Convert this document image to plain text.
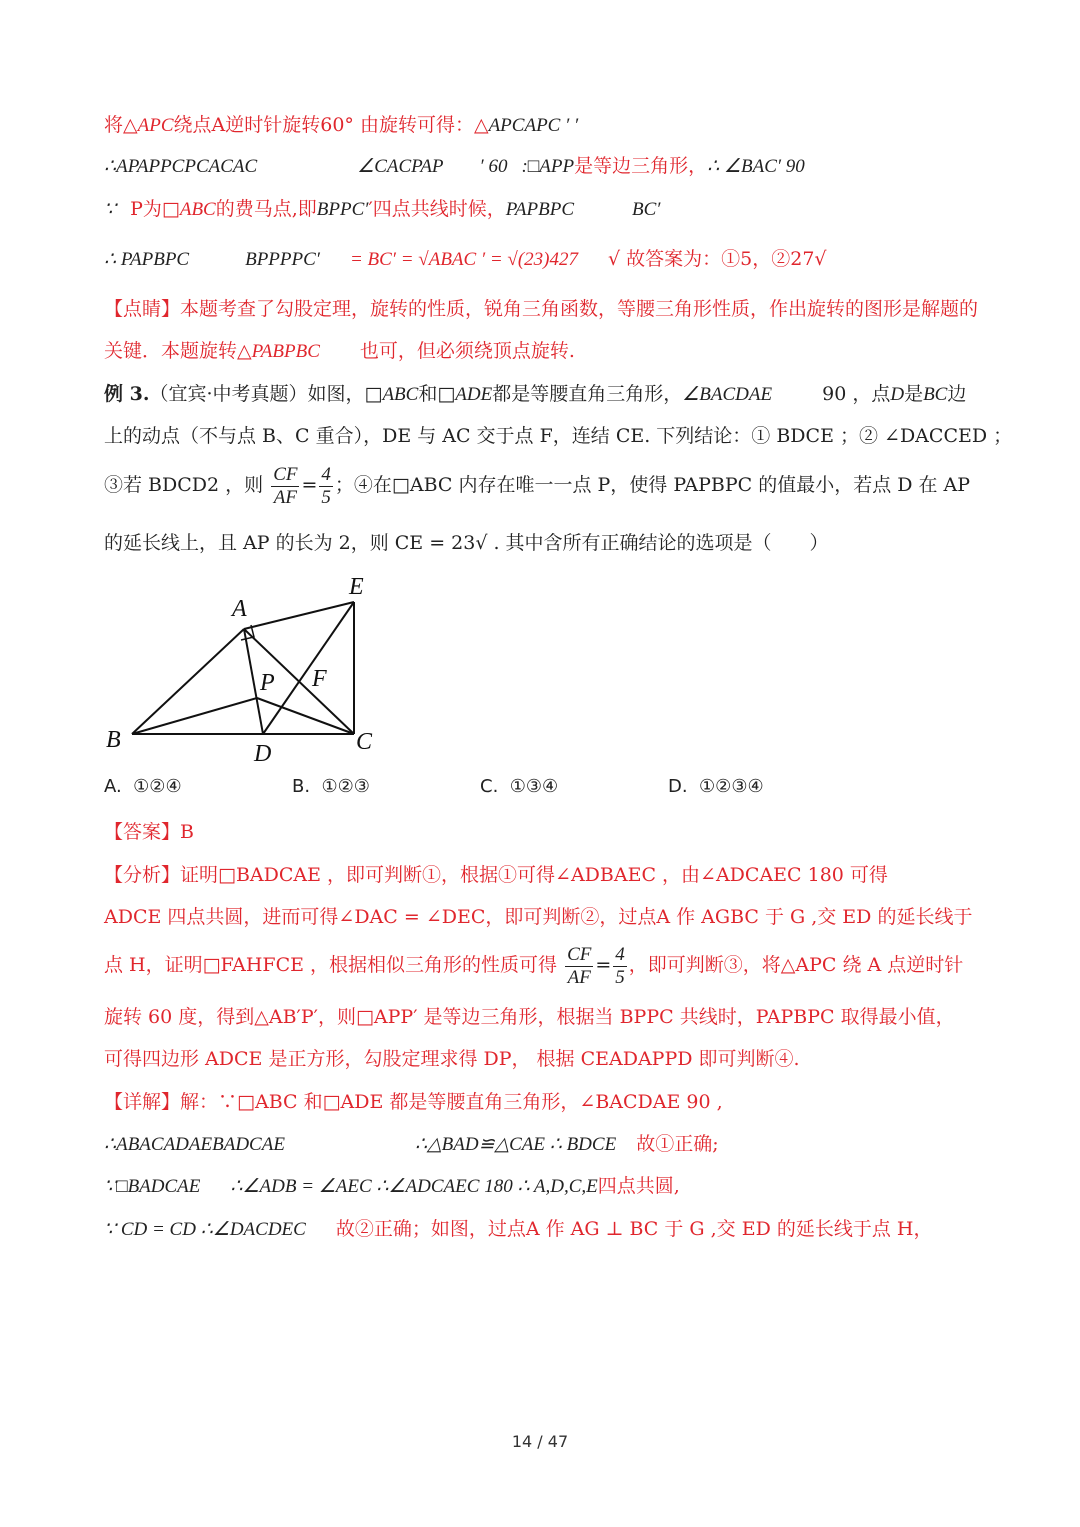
将△APC绕点A逆时针旋转60° 由旋转可得：△APCAPC ′ ′
∴APAPPCPCACAC	∠CACPAP ′ 60 :□APP是等边三角形，∴ ∠BAC′ 90
∵ P为□ABC的费马点,即BPPC′′四点共线时候，PAPBPC	BC′
∴ PAPBPC	BPPPPC′ = BC′ = √ABAC ′ = √(23)427 √ 故答案为：①5，②27√
【点睛】本题考查了勾股定理，旋转的性质，锐角三角函数，等腰三角形性质，作出旋转的图形是解题的
关键．本题旋转△PABPBC 也可，但必须绕顶点旋转.
例 3.（宜宾·中考真题）如图，□ABC和□ADE都是等腰直角三角形，∠BACDAE	90 ，点D是BC边
上的动点（不与点 B、C 重合），DE 与 AC 交于点 F，连结 CE. 下列结论：① BDCE ；② ∠DACCED ；
③若 BDCD2 ，则 $\frac{CF}{AF} = \frac{4}{5}$ ；④在□ABC 内存在唯一一点 P，使得 PAPBPC 的值最小，若点 D 在 AP
的延长线上，且 AP 的长为 2，则 CE = 23√ . 其中含所有正确结论的选项是（　　）
A
B	C
D
E
F
P
A. ①②④	B. ①②③	C. ①③④	D. ①②③④
【答案】B
【分析】证明□BADCAE ，即可判断①，根据①可得∠ADBAEC ，由∠ADCAEC 180 可得
ADCE 四点共圆，进而可得∠DAC = ∠DEC，即可判断②，过点A 作 AGBC 于 G ,交 ED 的延长线于
点 H，证明□FAHFCE ，根据相似三角形的性质可得 $\frac{CF}{AF} = \frac{4}{5}$ ，即可判断③，将△APC 绕 A 点逆时针
旋转 60 度，得到△AB′P′，则□APP′ 是等边三角形，根据当 BPPC 共线时，PAPBPC 取得最小值，
可得四边形 ADCE 是正方形，勾股定理求得 DP， 根据 CEADAPPD 即可判断④.
【详解】解：∵□ABC 和□ADE 都是等腰直角三角形，∠BACDAE 90 ,
∴ABACADAEBADCAE	∴△BAD≌△CAE ∴ BDCE 故①正确;
∵□BADCAE ∴∠ADB = ∠AEC ∴∠ADCAEC 180 ∴ A,D,C,E四点共圆,
∵ CD = CD ∴∠DACDEC 故②正确；如图，过点A 作 AG ⊥ BC 于 G ,交 ED 的延长线于点 H，
14 / 47
